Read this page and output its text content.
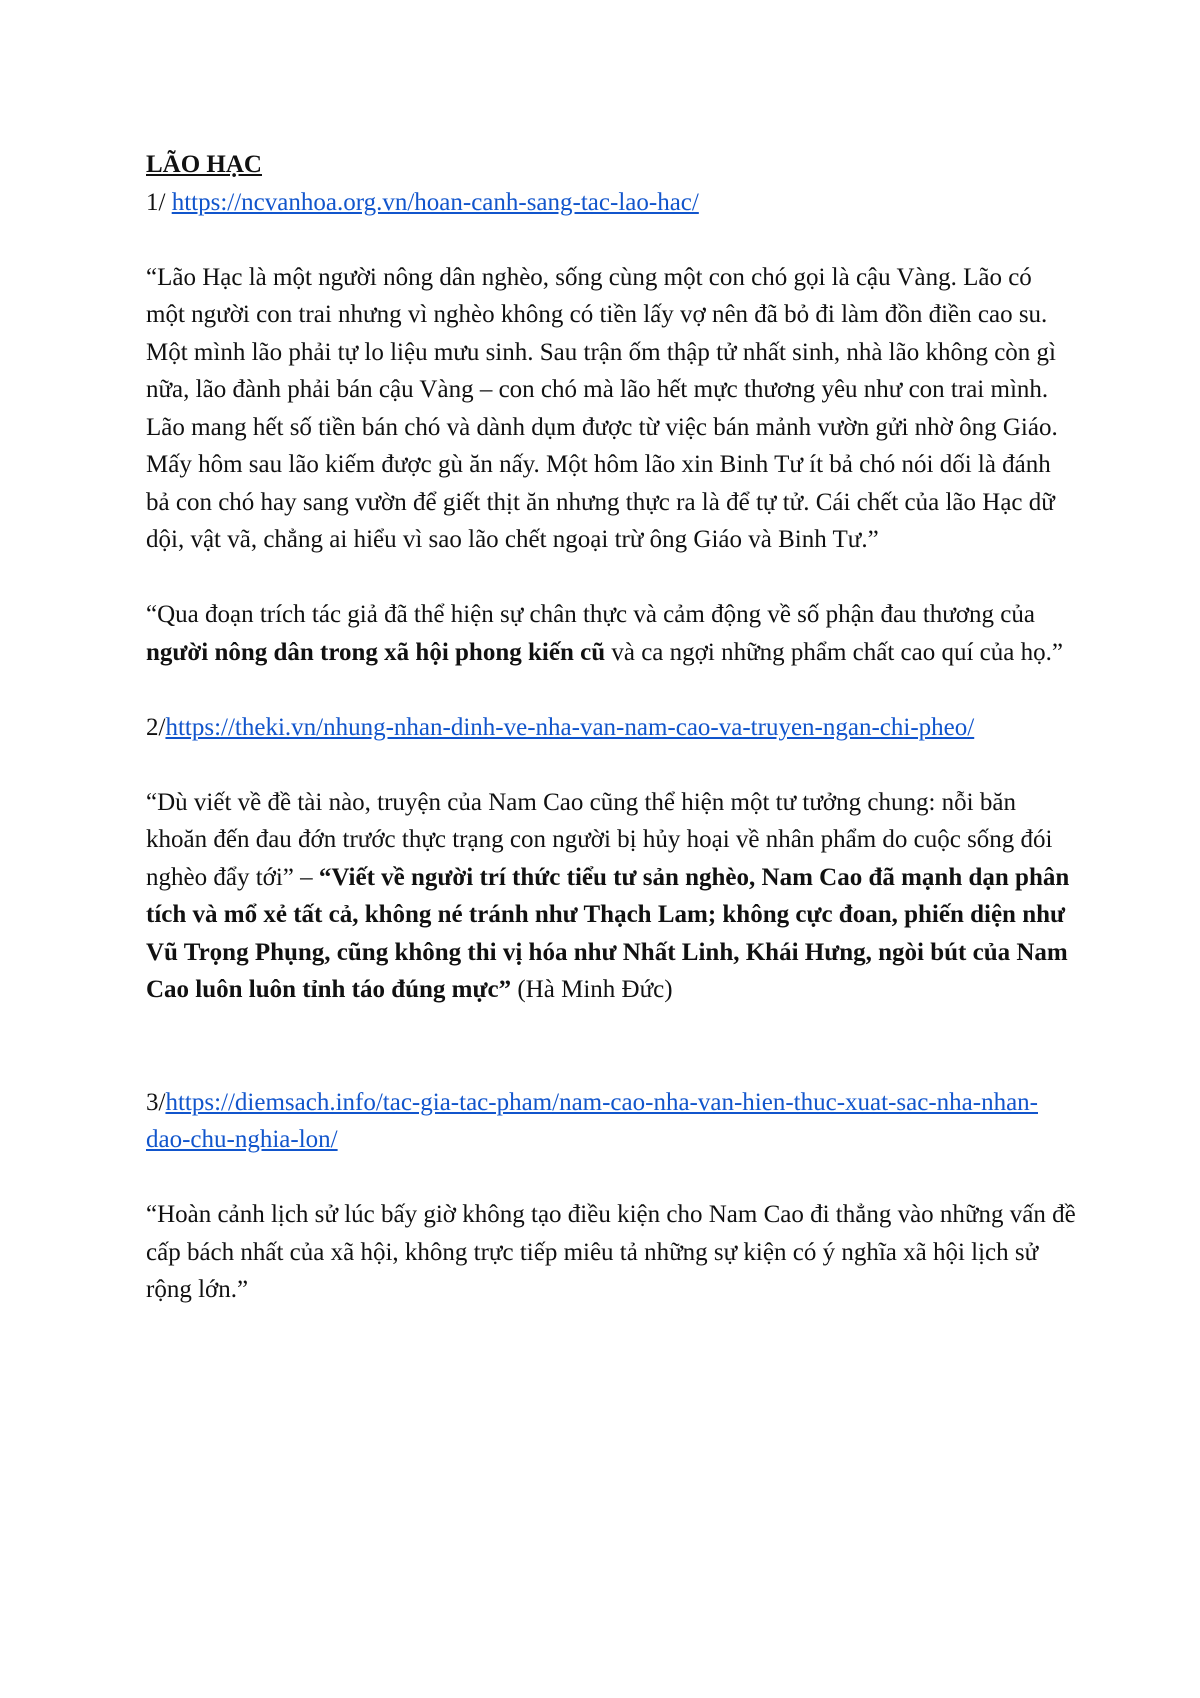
LÃO HẠC

1/ https://ncvanhoa.org.vn/hoan-canh-sang-tac-lao-hac/

“Lão Hạc là một người nông dân nghèo, sống cùng một con chó gọi là cậu Vàng. Lão có một người con trai nhưng vì nghèo không có tiền lấy vợ nên đã bỏ đi làm đồn điền cao su. Một mình lão phải tự lo liệu mưu sinh. Sau trận ốm thập tử nhất sinh, nhà lão không còn gì nữa, lão đành phải bán cậu Vàng – con chó mà lão hết mực thương yêu như con trai mình. Lão mang hết số tiền bán chó và dành dụm được từ việc bán mảnh vườn gửi nhờ ông Giáo. Mấy hôm sau lão kiếm được gù ăn nấy. Một hôm lão xin Binh Tư ít bả chó nói dối là đánh bả con chó hay sang vườn để giết thịt ăn nhưng thực ra là để tự tử. Cái chết của lão Hạc dữ dội, vật vã, chẳng ai hiểu vì sao lão chết ngoại trừ ông Giáo và Binh Tư.”

“Qua đoạn trích tác giả đã thể hiện sự chân thực và cảm động về số phận đau thương của người nông dân trong xã hội phong kiến cũ và ca ngợi những phẩm chất cao quí của họ.”

2/https://theki.vn/nhung-nhan-dinh-ve-nha-van-nam-cao-va-truyen-ngan-chi-pheo/

“Dù viết về đề tài nào, truyện của Nam Cao cũng thể hiện một tư tưởng chung: nỗi băn khoăn đến đau đớn trước thực trạng con người bị hủy hoại về nhân phẩm do cuộc sống đói nghèo đẩy tới” – “Viết về người trí thức tiểu tư sản nghèo, Nam Cao đã mạnh dạn phân tích và mổ xẻ tất cả, không né tránh như Thạch Lam; không cực đoan, phiến diện như Vũ Trọng Phụng, cũng không thi vị hóa như Nhất Linh, Khái Hưng, ngòi bút của Nam Cao luôn luôn tỉnh táo đúng mực” (Hà Minh Đức)

3/https://diemsach.info/tac-gia-tac-pham/nam-cao-nha-van-hien-thuc-xuat-sac-nha-nhan-dao-chu-nghia-lon/

“Hoàn cảnh lịch sử lúc bấy giờ không tạo điều kiện cho Nam Cao đi thẳng vào những vấn đề cấp bách nhất của xã hội, không trực tiếp miêu tả những sự kiện có ý nghĩa xã hội lịch sử rộng lớn.”
